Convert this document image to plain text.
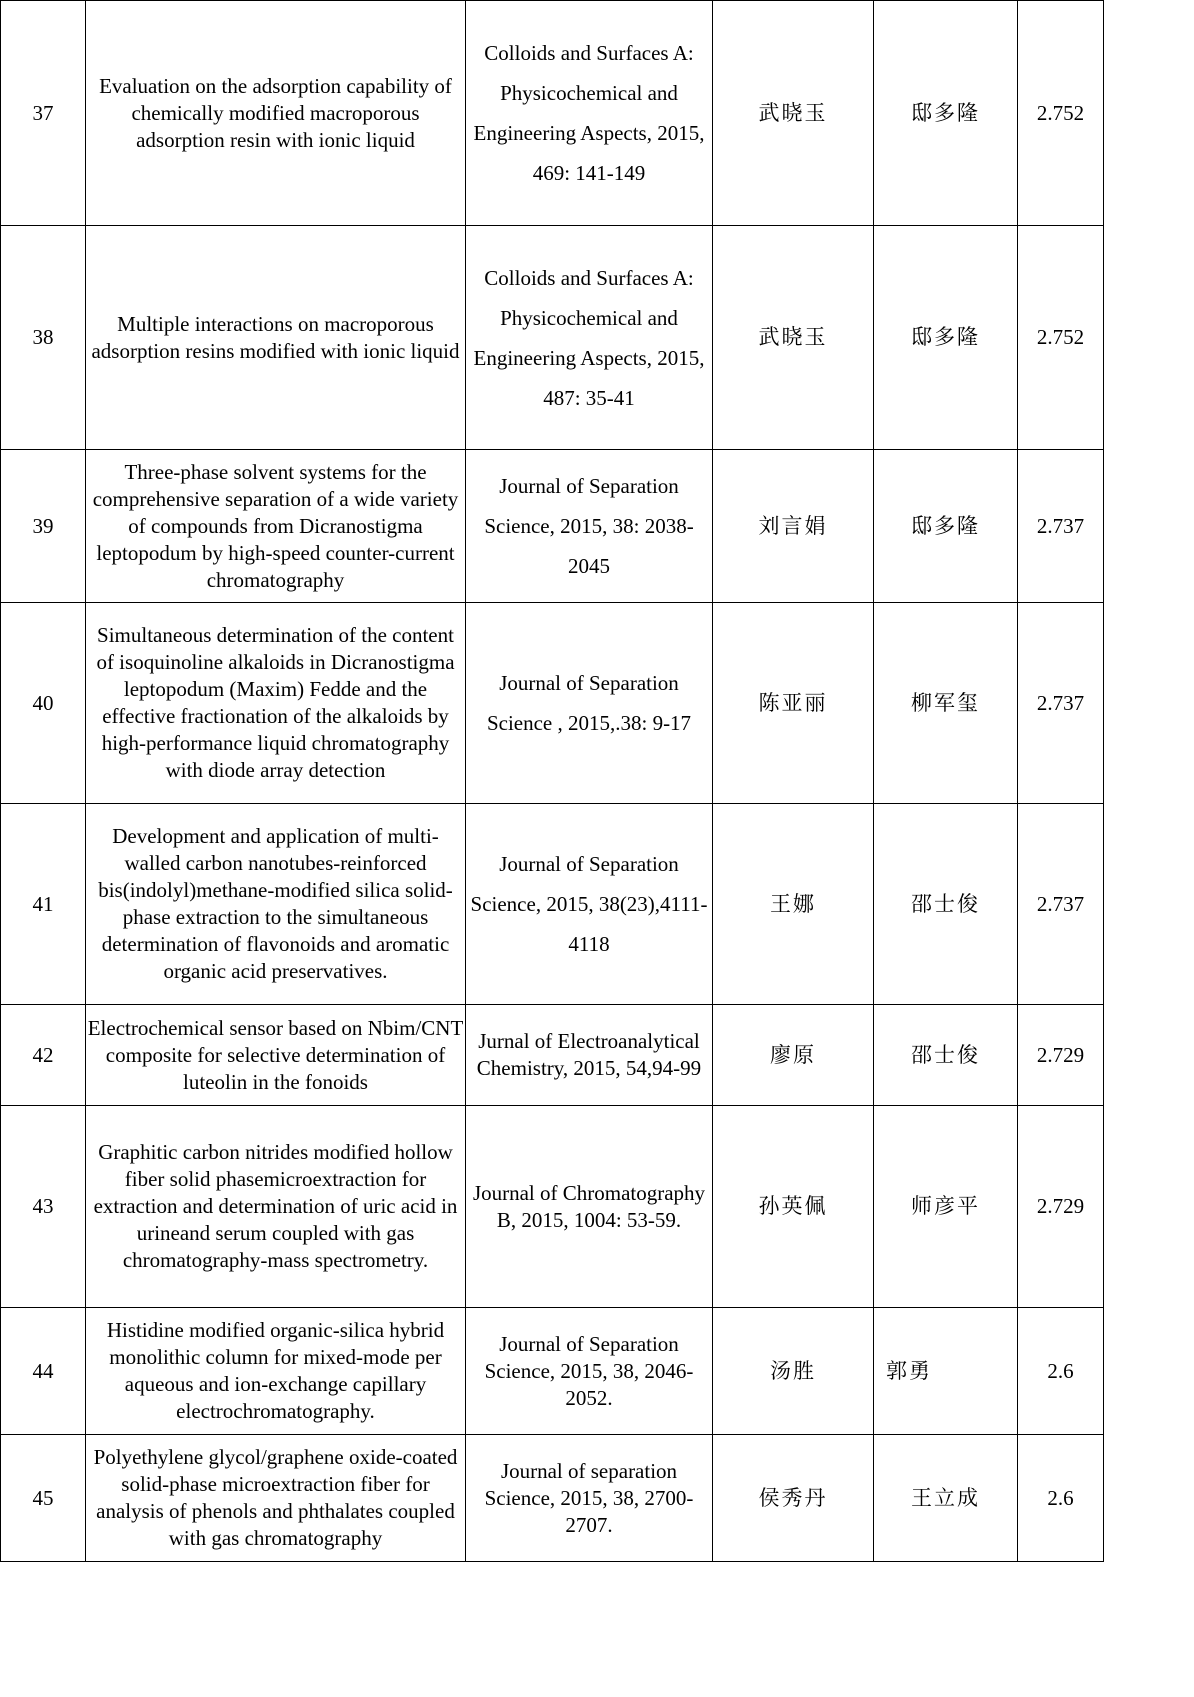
37	Evaluation on the adsorption capability of chemically modified macroporous adsorption resin with ionic liquid	Colloids and Surfaces A: Physicochemical and Engineering Aspects, 2015, 469: 141-149	武晓玉	邸多隆	2.752
38	Multiple interactions on macroporous adsorption resins modified with ionic liquid	Colloids and Surfaces A: Physicochemical and Engineering Aspects, 2015, 487: 35-41	武晓玉	邸多隆	2.752
39	Three-phase solvent systems for the comprehensive separation of a wide variety of compounds from Dicranostigma leptopodum by high-speed counter-current chromatography	Journal of Separation Science, 2015, 38: 2038-2045	刘言娟	邸多隆	2.737
40	Simultaneous determination of the content of isoquinoline alkaloids in Dicranostigma leptopodum (Maxim) Fedde and the effective fractionation of the alkaloids by high-performance liquid chromatography with diode array detection	Journal of Separation Science , 2015,.38: 9-17	陈亚丽	柳军玺	2.737
41	Development and application of multi-walled carbon nanotubes-reinforced bis(indolyl)methane-modified silica solid-phase extraction to the simultaneous determination of flavonoids and aromatic organic acid preservatives.	Journal of Separation Science, 2015, 38(23),4111-4118	王娜	邵士俊	2.737
42	Electrochemical sensor based on Nbim/CNT composite for selective determination of luteolin in the fonoids	Jurnal of Electroanalytical Chemistry, 2015, 54,94-99	廖原	邵士俊	2.729
43	Graphitic carbon nitrides modified hollow fiber solid phasemicroextraction for extraction and determination of uric acid in urineand serum coupled with gas chromatography-mass spectrometry.	Journal of Chromatography B, 2015, 1004: 53-59.	孙英佩	师彦平	2.729
44	Histidine modified organic-silica hybrid monolithic column for mixed-mode per aqueous and ion-exchange capillary electrochromatography.	Journal of Separation Science, 2015, 38, 2046-2052.	汤胜	郭勇	2.6
45	Polyethylene glycol/graphene oxide-coated solid-phase microextraction fiber for analysis of phenols and phthalates coupled with gas chromatography	Journal of separation Science, 2015, 38, 2700-2707.	侯秀丹	王立成	2.6
